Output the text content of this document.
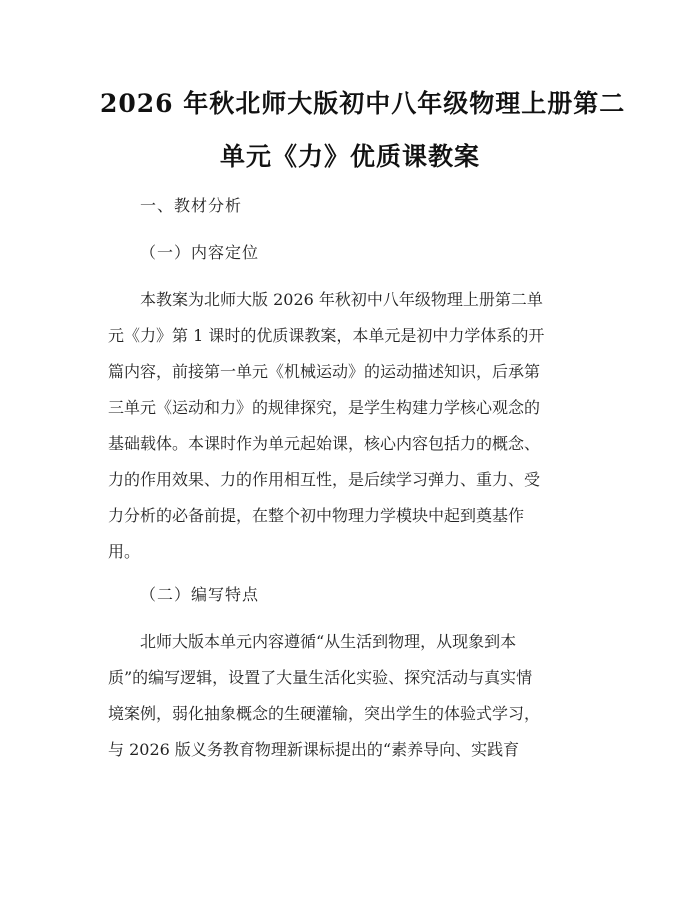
2026 年秋北师大版初中八年级物理上册第二
单元《力》优质课教案
一、教材分析
（一）内容定位

本教案为北师大版 2026 年秋初中八年级物理上册第二单
元《力》第 1 课时的优质课教案，本单元是初中力学体系的开
篇内容，前接第一单元《机械运动》的运动描述知识，后承第
三单元《运动和力》的规律探究，是学生构建力学核心观念的
基础载体。本课时作为单元起始课，核心内容包括力的概念、
力的作用效果、力的作用相互性，是后续学习弹力、重力、受
力分析的必备前提，在整个初中物理力学模块中起到奠基作
用。

（二）编写特点

北师大版本单元内容遵循“从生活到物理，从现象到本
质”的编写逻辑，设置了大量生活化实验、探究活动与真实情
境案例，弱化抽象概念的生硬灌输，突出学生的体验式学习，
与 2026 版义务教育物理新课标提出的“素养导向、实践育
